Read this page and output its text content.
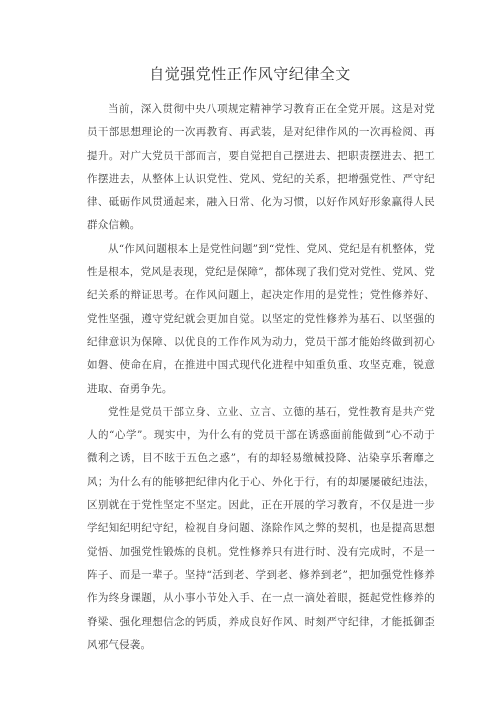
自觉强党性正作风守纪律全文

当前，深入贯彻中央八项规定精神学习教育正在全党开展。这是对党员干部思想理论的一次再教育、再武装，是对纪律作风的一次再检阅、再提升。对广大党员干部而言，要自觉把自己摆进去、把职责摆进去、把工作摆进去，从整体上认识党性、党风、党纪的关系，把增强党性、严守纪律、砥砺作风贯通起来，融入日常、化为习惯，以好作风好形象赢得人民群众信赖。

从“作风问题根本上是党性问题”到“党性、党风、党纪是有机整体，党性是根本，党风是表现，党纪是保障”，都体现了我们党对党性、党风、党纪关系的辩证思考。在作风问题上，起决定作用的是党性；党性修养好、党性坚强，遵守党纪就会更加自觉。以坚定的党性修养为基石、以坚强的纪律意识为保障、以优良的工作作风为动力，党员干部才能始终做到初心如磐、使命在肩，在推进中国式现代化进程中知重负重、攻坚克难，锐意进取、奋勇争先。

党性是党员干部立身、立业、立言、立德的基石，党性教育是共产党人的“心学”。现实中，为什么有的党员干部在诱惑面前能做到“心不动于微利之诱，目不眩于五色之惑”，有的却轻易缴械投降、沾染享乐奢靡之风；为什么有的能够把纪律内化于心、外化于行，有的却屡屡破纪违法，区别就在于党性坚定不坚定。因此，正在开展的学习教育，不仅是进一步学纪知纪明纪守纪，检视自身问题、涤除作风之弊的契机，也是提高思想觉悟、加强党性锻炼的良机。党性修养只有进行时、没有完成时，不是一阵子、而是一辈子。坚持“活到老、学到老、修养到老”，把加强党性修养作为终身课题，从小事小节处入手、在一点一滴处着眼，挺起党性修养的脊梁、强化理想信念的钙质，养成良好作风、时刻严守纪律，才能抵御歪风邪气侵袭。
